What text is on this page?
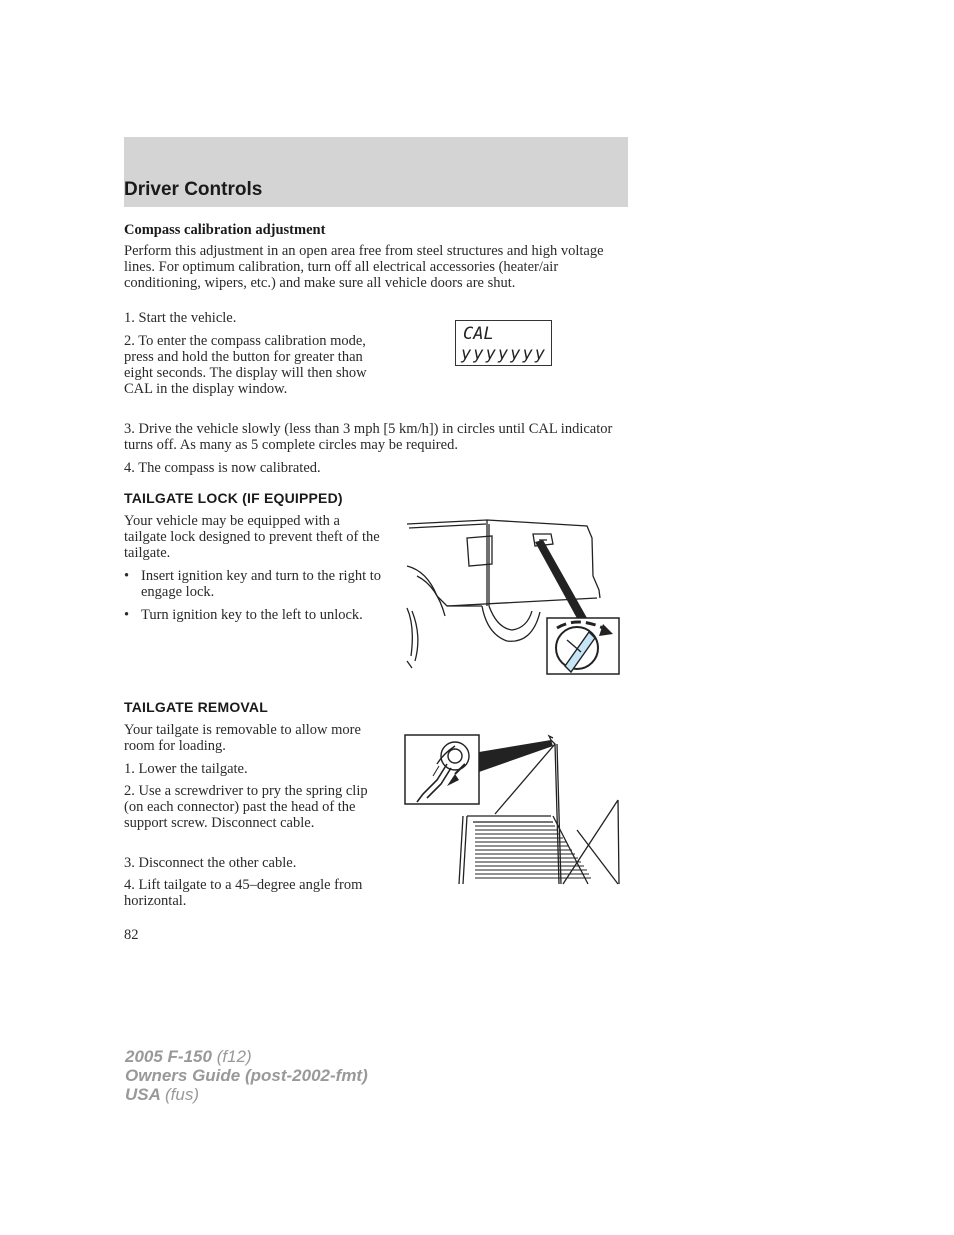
Driver Controls
Compass calibration adjustment
Perform this adjustment in an open area free from steel structures and high voltage lines. For optimum calibration, turn off all electrical accessories (heater/air conditioning, wipers, etc.) and make sure all vehicle doors are shut.
1. Start the vehicle.
2. To enter the compass calibration mode, press and hold the button for greater than eight seconds. The display will then show CAL in the display window.
CAL
yyyyyyy
3. Drive the vehicle slowly (less than 3 mph [5 km/h]) in circles until CAL indicator turns off. As many as 5 complete circles may be required.
4. The compass is now calibrated.
TAILGATE LOCK (IF EQUIPPED)
Your vehicle may be equipped with a tailgate lock designed to prevent theft of the tailgate.
• Insert ignition key and turn to the right to engage lock.
• Turn ignition key to the left to unlock.
TAILGATE REMOVAL
Your tailgate is removable to allow more room for loading.
1. Lower the tailgate.
2. Use a screwdriver to pry the spring clip (on each connector) past the head of the support screw. Disconnect cable.
3. Disconnect the other cable.
4. Lift tailgate to a 45–degree angle from horizontal.
82
2005 F-150 (f12)
Owners Guide (post-2002-fmt)
USA (fus)
